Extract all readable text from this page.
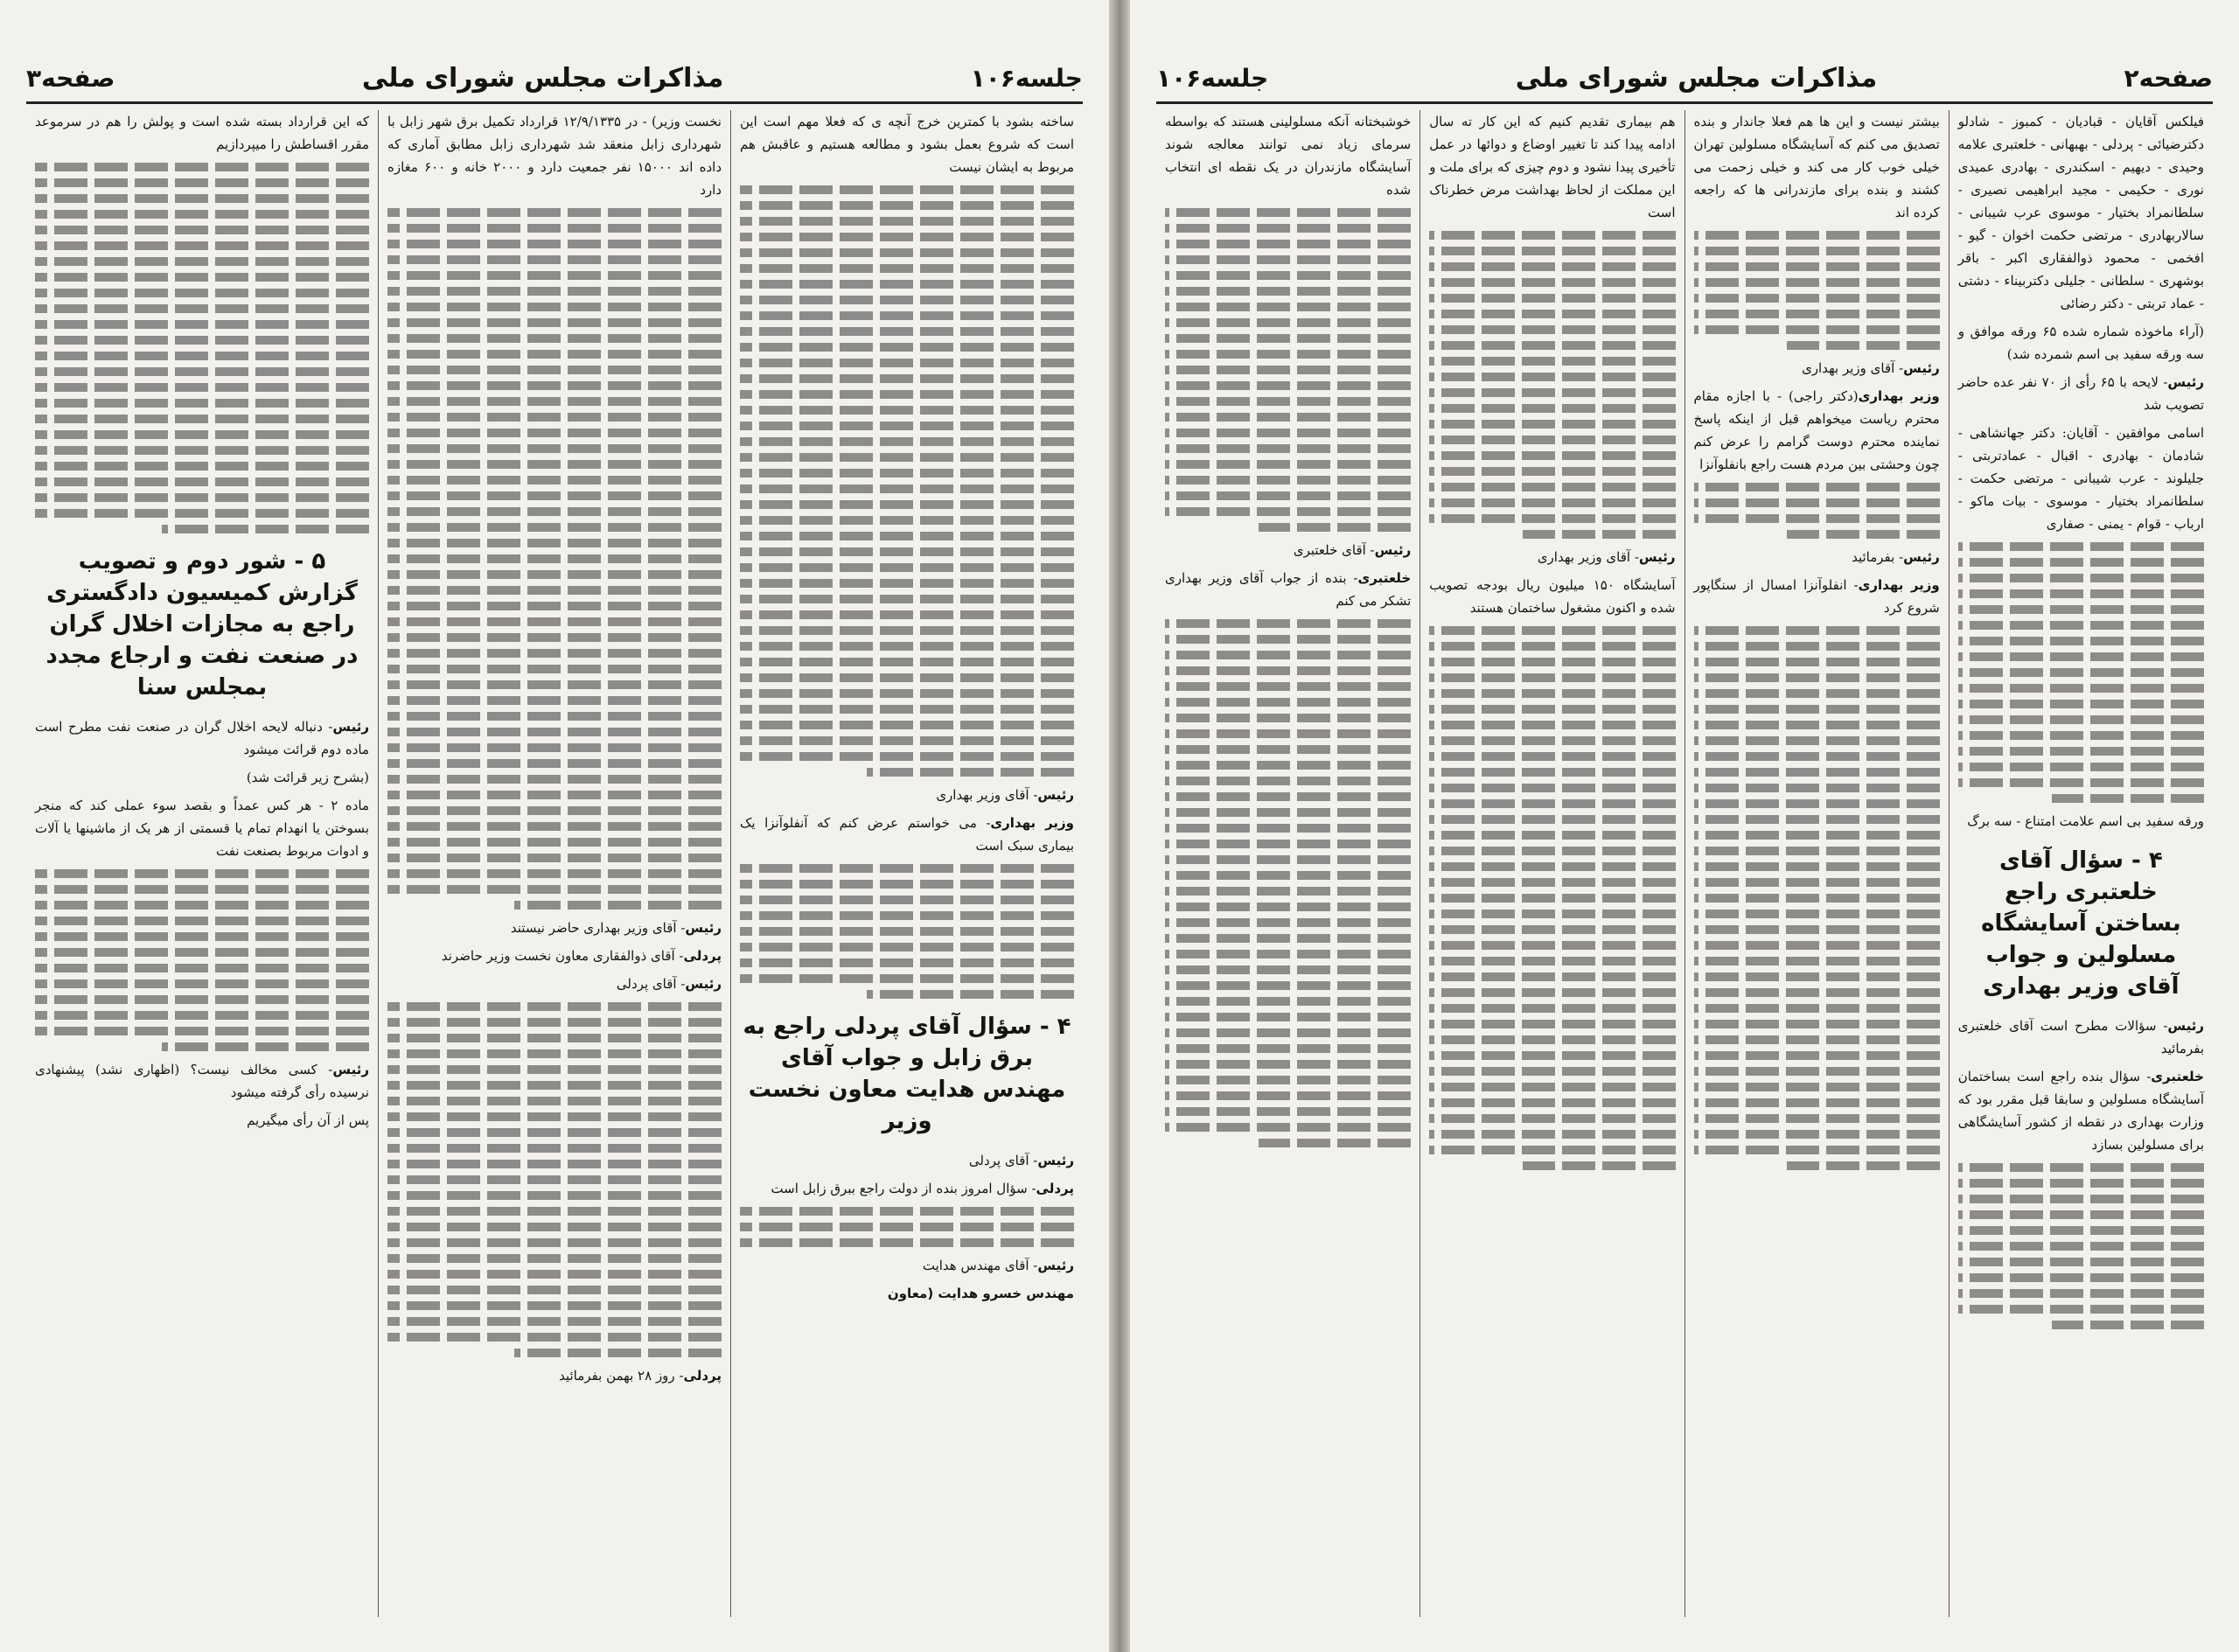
جلسه۱۰۶
مذاکرات مجلس شورای ملی
صفحه۳

ساخته بشود با کمترین خرج آنچه ی که فعلا مهم است این است که شروع بعمل بشود و مطالعه هستیم و عاقبش هم مربوط به ایشان نیست

رئیس- آقای وزیر بهداری

وزیر بهداری- می خواستم عرض کنم که آنفلوآنزا یک بیماری سبک است

۴ - سؤال آقای پردلی راجع به برق زابل و جواب آقای مهندس هدایت معاون نخست وزیر

رئیس- آقای پردلی

پردلی- سؤال امروز بنده از دولت راجع ببرق زابل است

رئیس- آقای مهندس هدایت

مهندس خسرو هدایت (معاون

نخست وزیر) - در ۱۲/۹/۱۳۳۵ قرارداد تکمیل برق شهر زابل با شهرداری زابل منعقد شد شهرداری زابل مطابق آماری که داده اند ۱۵۰۰۰ نفر جمعیت دارد و ۲۰۰۰ خانه و ۶۰۰ مغازه دارد

رئیس- آقای وزیر بهداری حاضر نیستند

پردلی- آقای ذوالفقاری معاون نخست وزیر حاضرند

رئیس- آقای پردلی

پردلی- روز ۲۸ بهمن بفرمائید

که این قرارداد بسته شده است و پولش را هم در سرموعد مقرر اقساطش را میپردازیم

۵ - شور دوم و تصویب گزارش کمیسیون دادگستری راجع به مجازات اخلال گران در صنعت نفت و ارجاع مجدد بمجلس سنا

رئیس- دنباله لایحه اخلال گران در صنعت نفت مطرح است ماده دوم قرائت میشود

(بشرح زیر قرائت شد)

ماده ۲ - هر کس عمداً و بقصد سوء عملی کند که منجر بسوختن یا انهدام تمام یا قسمتی از هر یک از ماشینها یا آلات و ادوات مربوط بصنعت نفت

رئیس- کسی مخالف نیست؟ (اظهاری نشد) پیشنهادی نرسیده رأی گرفته میشود

پس از آن رأی میگیریم

صفحه۲
مذاکرات مجلس شورای ملی
جلسه۱۰۶

فیلکس آقایان - قبادیان - کمبوز - شادلو دکترضیائی - پردلی - بهبهانی - خلعتبری علامه وحیدی - دیهیم - اسکندری - بهادری عمیدی نوری - حکیمی - مجید ابراهیمی نصیری - سلطانمراد بختیار - موسوی عرب شیبانی - سالاربهادری - مرتضی حکمت اخوان - گیو - افخمی - محمود ذوالفقاری اکبر - باقر بوشهری - سلطانی - جلیلی دکتربیناء - دشتی - عماد تربتی - دکتر رضائی

(آراء ماخوذه شماره شده ۶۵ ورقه موافق و سه ورقه سفید بی اسم شمرده شد)

رئیس- لایحه با ۶۵ رأی از ۷۰ نفر عده حاضر تصویب شد

اسامی موافقین - آقایان: دکتر جهانشاهی - شادمان - بهادری - اقبال - عمادتربتی - جلیلوند - عرب شیبانی - مرتضی حکمت - سلطانمراد بختیار - موسوی - بیات ماکو - ارباب - قوام - یمنی - صفاری

ورقه سفید بی اسم علامت امتناع - سه برگ

۴ - سؤال آقای خلعتبری راجع بساختن آسایشگاه مسلولین و جواب آقای وزیر بهداری

رئیس- سؤالات مطرح است آقای خلعتبری بفرمائید

خلعتبری- سؤال بنده راجع است بساختمان آسایشگاه مسلولین و سابقا قبل مقرر بود که وزارت بهداری در نقطه از کشور آسایشگاهی برای مسلولین بسازد

بیشتر نیست و این ها هم فعلا جاندار و بنده تصدیق می کنم که آسایشگاه مسلولین تهران خیلی خوب کار می کند و خیلی زحمت می کشند و بنده برای مازندرانی ها که راجعه کرده اند

رئیس- آقای وزیر بهداری

وزیر بهداری(دکتر راجی) - با اجازه مقام محترم ریاست میخواهم قبل از اینکه پاسخ نماینده محترم دوست گرامم را عرض کنم چون وحشتی بین مردم هست راجع بانفلوآنزا

رئیس- بفرمائید

وزیر بهداری- انفلوآنزا امسال از سنگاپور شروع کرد

هم بیماری تقدیم کنیم که این کار ته سال ادامه پیدا کند تا تغییر اوضاع و دوائها در عمل تأخیری پیدا نشود و دوم چیزی که برای ملت و این مملکت از لحاظ بهداشت مرض خطرناک است

رئیس- آقای وزیر بهداری

آسایشگاه ۱۵۰ میلیون ریال بودجه تصویب شده و اکنون مشغول ساختمان هستند

خوشبختانه آنکه مسلولینی هستند که بواسطه سرمای زیاد نمی توانند معالجه شوند آسایشگاه مازندران در یک نقطه ای انتخاب شده

رئیس- آقای خلعتبری

خلعتبری- بنده از جواب آقای وزیر بهداری تشکر می کنم
